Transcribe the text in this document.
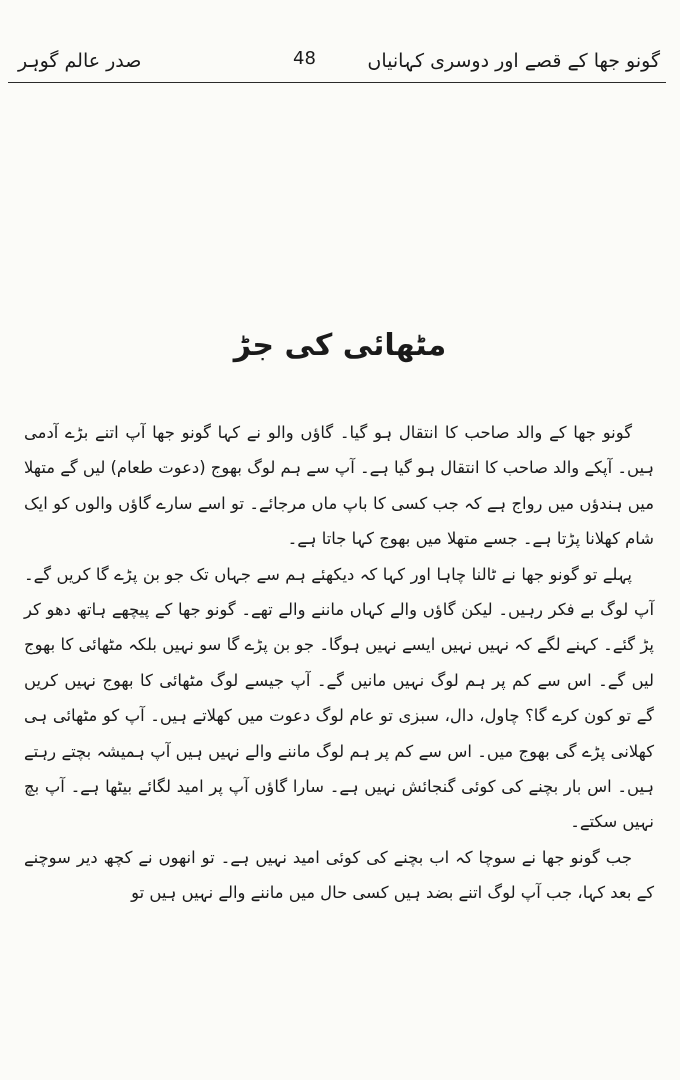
گونو جھا کے قصے اور دوسری کہانیاں
48
صدر عالم گوہر
مٹھائی کی جڑ

گونو جھا کے والد صاحب کا انتقال ہو گیا۔ گاؤں والو نے کہا گونو جھا آپ اتنے بڑے آدمی ہیں۔ آپکے والد صاحب کا انتقال ہو گیا ہے۔ آپ سے ہم لوگ بھوج (دعوت طعام) لیں گے متھلا میں ہندؤں میں رواج ہے کہ جب کسی کا باپ ماں مرجائے۔ تو اسے سارے گاؤں والوں کو ایک شام کھلانا پڑتا ہے۔ جسے متھلا میں بھوج کہا جاتا ہے۔

پہلے تو گونو جھا نے ٹالنا چاہا اور کہا کہ دیکھئے ہم سے جہاں تک جو بن پڑے گا کریں گے۔ آپ لوگ بے فکر رہیں۔ لیکن گاؤں والے کہاں ماننے والے تھے۔ گونو جھا کے پیچھے ہاتھ دھو کر پڑ گئے۔ کہنے لگے کہ نہیں نہیں ایسے نہیں ہوگا۔ جو بن پڑے گا سو نہیں بلکہ مٹھائی کا بھوج لیں گے۔ اس سے کم پر ہم لوگ نہیں مانیں گے۔ آپ جیسے لوگ مٹھائی کا بھوج نہیں کریں گے تو کون کرے گا؟ چاول، دال، سبزی تو عام لوگ دعوت میں کھلاتے ہیں۔ آپ کو مٹھائی ہی کھلانی پڑے گی بھوج میں۔ اس سے کم پر ہم لوگ ماننے والے نہیں ہیں آپ ہمیشہ بچتے رہتے ہیں۔ اس بار بچنے کی کوئی گنجائش نہیں ہے۔ سارا گاؤں آپ پر امید لگائے بیٹھا ہے۔ آپ بچ نہیں سکتے۔

جب گونو جھا نے سوچا کہ اب بچنے کی کوئی امید نہیں ہے۔ تو انھوں نے کچھ دیر سوچنے کے بعد کہا، جب آپ لوگ اتنے بضد ہیں کسی حال میں ماننے والے نہیں ہیں تو
